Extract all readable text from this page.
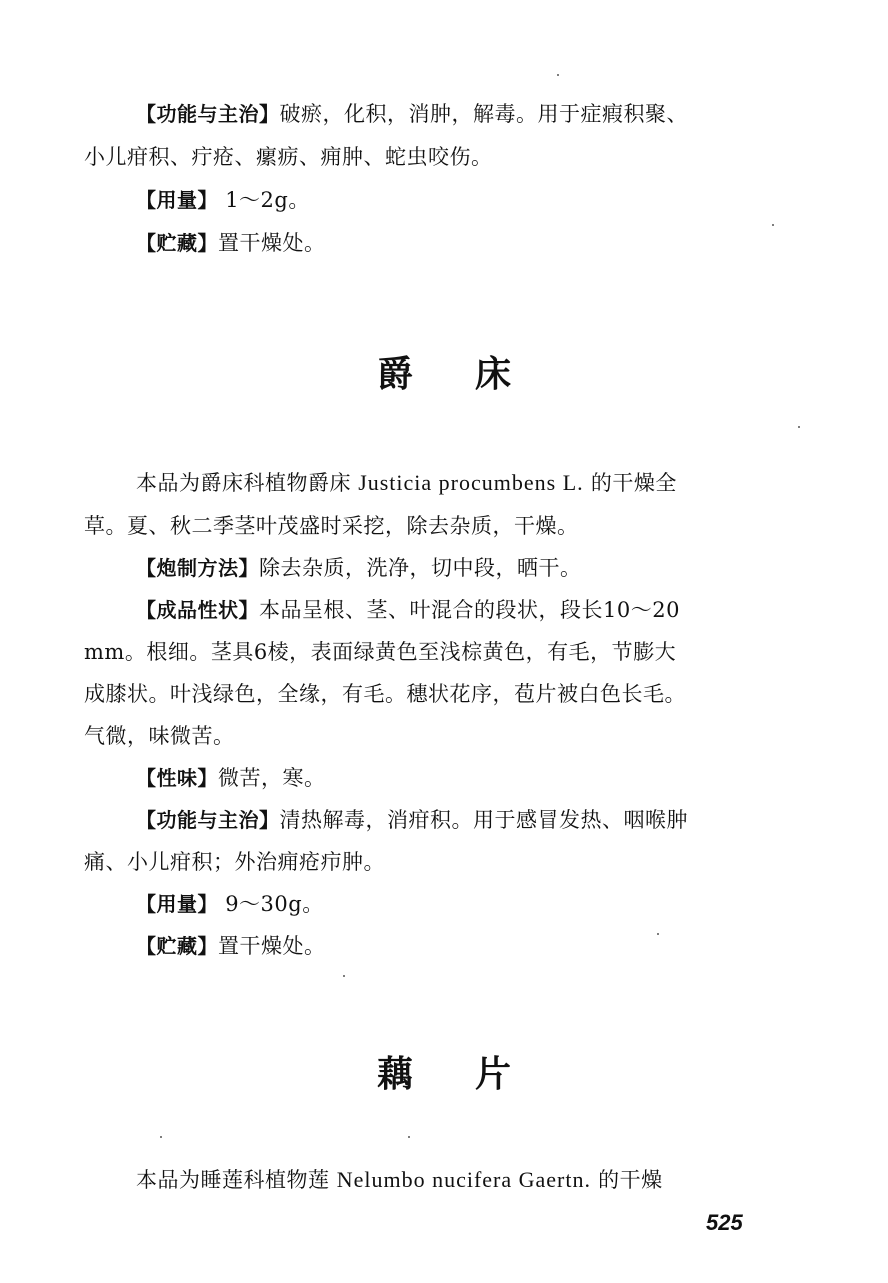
【功能与主治】破瘀，化积，消肿，解毒。用于症瘕积聚、
小儿疳积、疔疮、瘰疬、痈肿、蛇虫咬伤。
【用量】 1～2g。
【贮藏】置干燥处。
爵床
本品为爵床科植物爵床 Justicia procumbens L. 的干燥全
草。夏、秋二季茎叶茂盛时采挖，除去杂质，干燥。
【炮制方法】除去杂质，洗净，切中段，晒干。
【成品性状】本品呈根、茎、叶混合的段状，段长10～20
mm。根细。茎具6棱，表面绿黄色至浅棕黄色，有毛，节膨大
成膝状。叶浅绿色，全缘，有毛。穗状花序，苞片被白色长毛。
气微，味微苦。
【性味】微苦，寒。
【功能与主治】清热解毒，消疳积。用于感冒发热、咽喉肿
痛、小儿疳积；外治痈疮疖肿。
【用量】 9～30g。
【贮藏】置干燥处。
藕片
本品为睡莲科植物莲 Nelumbo nucifera Gaertn. 的干燥
525
